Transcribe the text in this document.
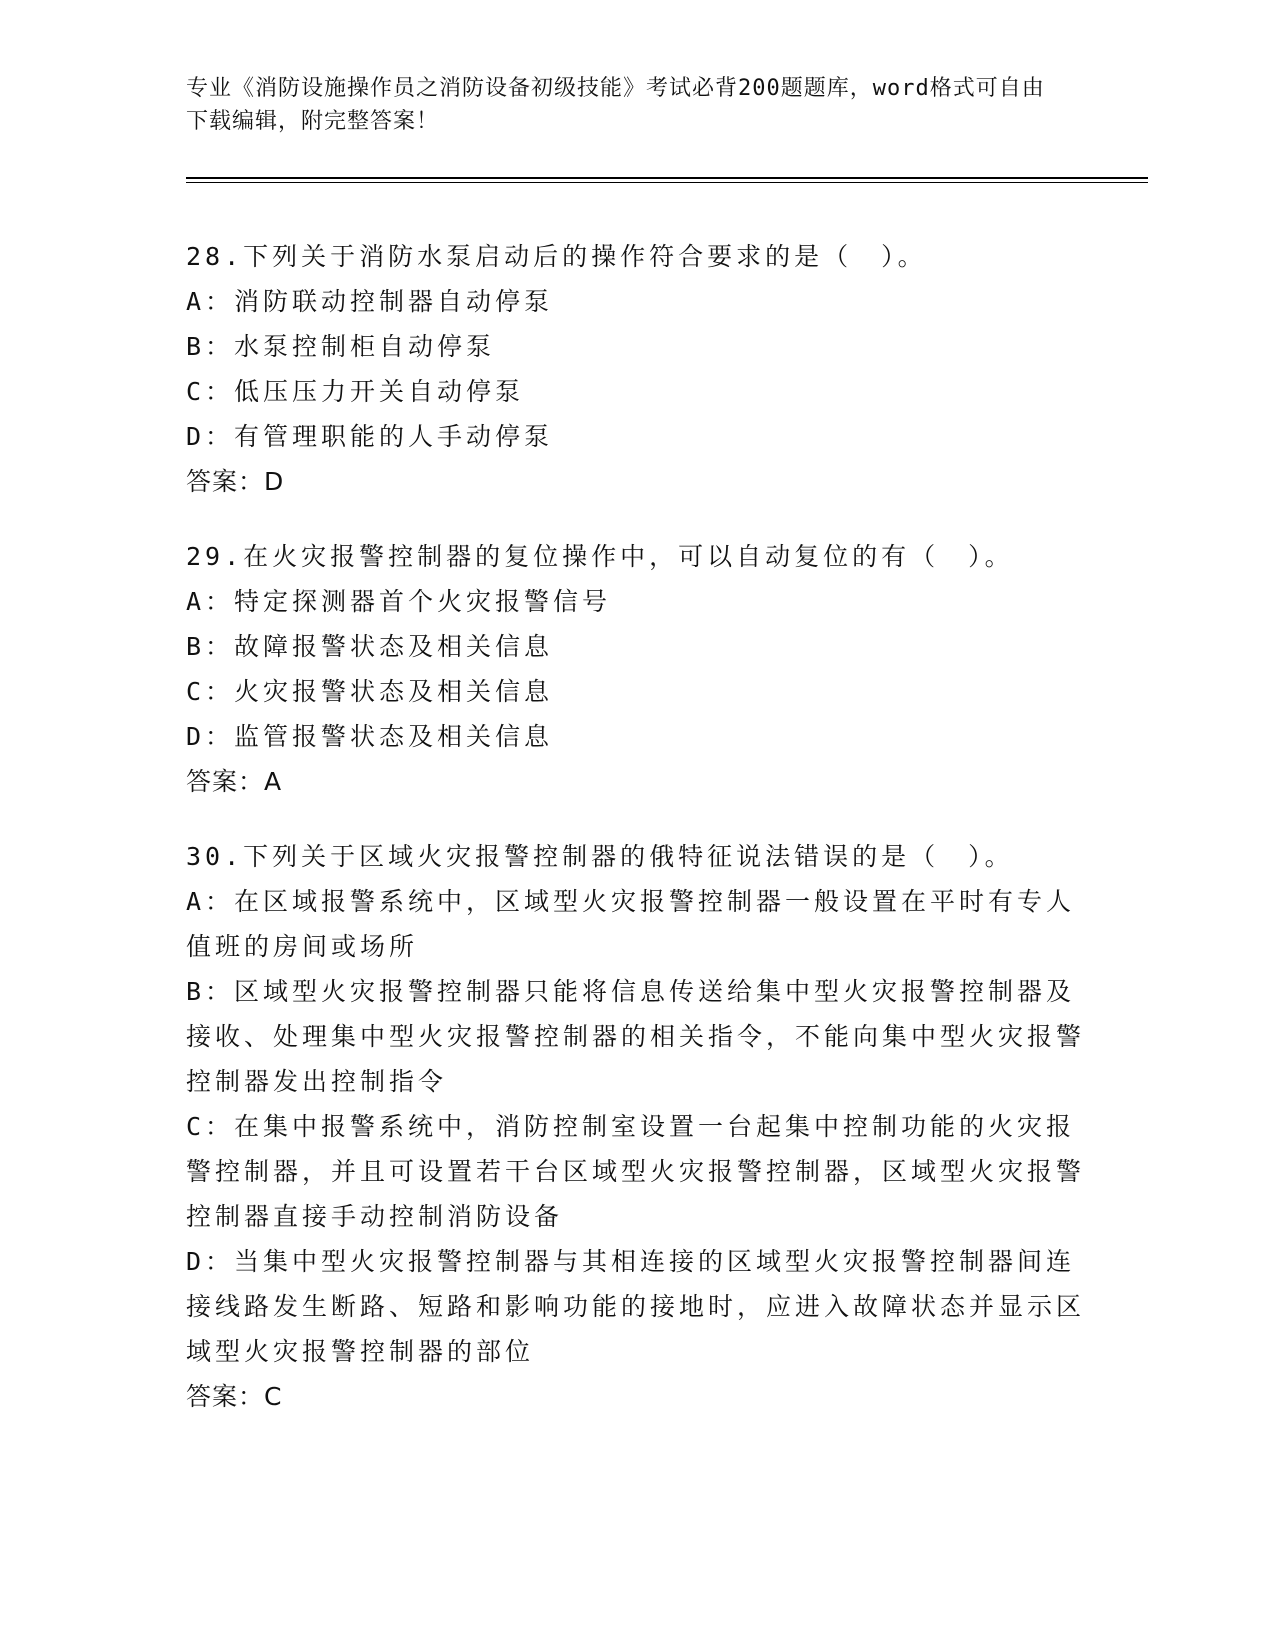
专业《消防设施操作员之消防设备初级技能》考试必背200题题库，word格式可自由下载编辑，附完整答案！
28.下列关于消防水泵启动后的操作符合要求的是（　）。
A：消防联动控制器自动停泵
B：水泵控制柜自动停泵
C：低压压力开关自动停泵
D：有管理职能的人手动停泵
答案：D
29.在火灾报警控制器的复位操作中，可以自动复位的有（　）。
A：特定探测器首个火灾报警信号
B：故障报警状态及相关信息
C：火灾报警状态及相关信息
D：监管报警状态及相关信息
答案：A
30.下列关于区域火灾报警控制器的俄特征说法错误的是（　）。
A：在区域报警系统中，区域型火灾报警控制器一般设置在平时有专人值班的房间或场所
B：区域型火灾报警控制器只能将信息传送给集中型火灾报警控制器及接收、处理集中型火灾报警控制器的相关指令，不能向集中型火灾报警控制器发出控制指令
C：在集中报警系统中，消防控制室设置一台起集中控制功能的火灾报警控制器，并且可设置若干台区域型火灾报警控制器，区域型火灾报警控制器直接手动控制消防设备
D：当集中型火灾报警控制器与其相连接的区域型火灾报警控制器间连接线路发生断路、短路和影响功能的接地时，应进入故障状态并显示区域型火灾报警控制器的部位
答案：C
